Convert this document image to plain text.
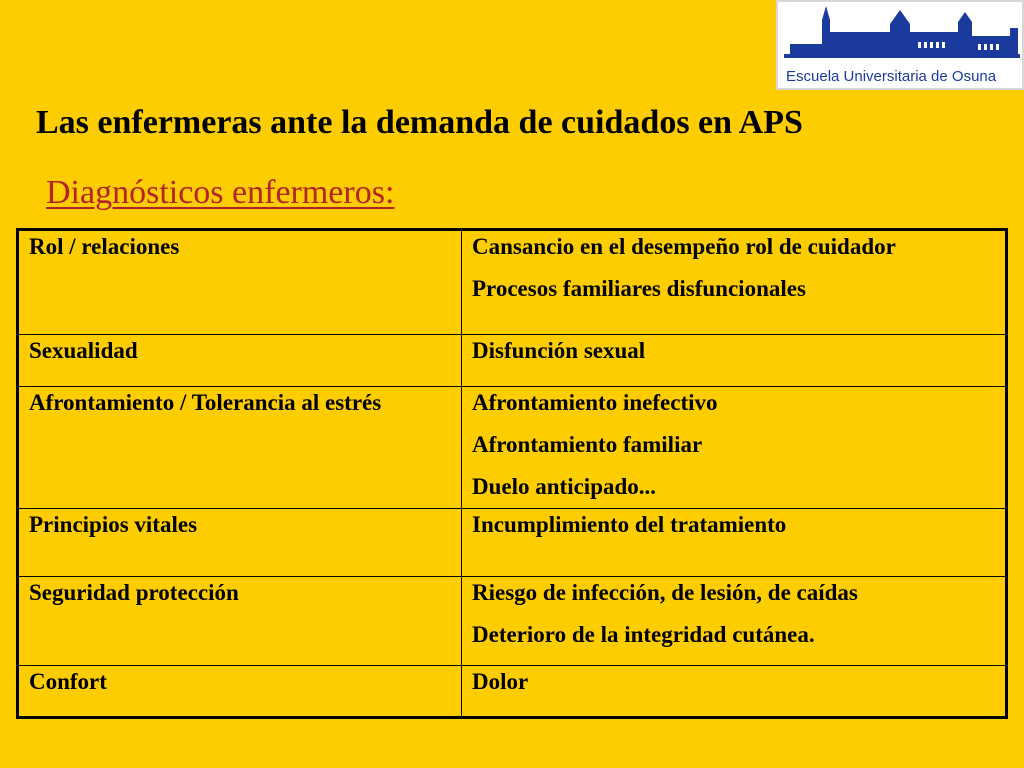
Escuela Universitaria de Osuna
Las enfermeras ante la demanda de cuidados en APS
Diagnósticos enfermeros:
Rol / relaciones	Cansancio en el desempeño rol de cuidador
Procesos familiares disfuncionales

Sexualidad	Disfunción sexual

Afrontamiento / Tolerancia al estrés	Afrontamiento inefectivo
Afrontamiento familiar
Duelo anticipado...

Principios vitales	Incumplimiento del tratamiento

Seguridad protección	Riesgo de infección, de lesión, de caídas
Deterioro de la integridad cutánea.

Confort	Dolor
